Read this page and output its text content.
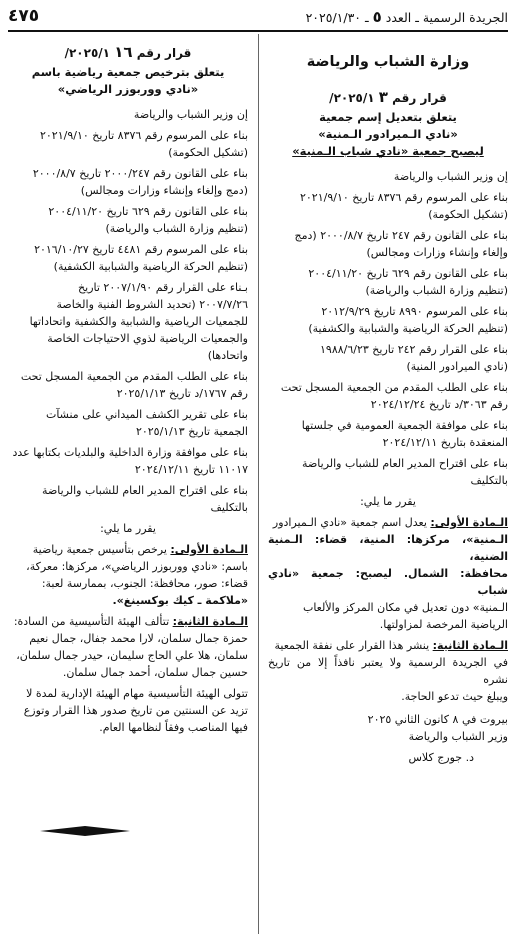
٤٧٥	الجريدة الرسمية ـ العدد ٥ ـ ٢٠٢٥/١/٣٠
وزارة الشباب والرياضة
قرار رقم ٣ ٢٠٢٥/١/
يتعلق بتعديل إسم جمعية
«نادي الـميرادور الـمنية»
ليصبح جمعية «نادي شباب الـمنية»

إن وزير الشباب والرياضة

بناء على المرسوم رقم ٨٣٧٦ تاريخ ٢٠٢١/٩/١٠
(تشكيل الحكومة)

بناء على القانون رقم ٢٤٧ تاريخ ٢٠٠٠/٨/٧ (دمج
وإلغاء وإنشاء وزارات ومجالس)

بناء على القانون رقم ٦٢٩ تاريخ ٢٠٠٤/١١/٢٠
(تنظيم وزارة الشباب والرياضة)

بناء على المرسوم ٨٩٩٠ تاريخ ٢٠١٢/٩/٢٩
(تنظيم الحركة الرياضية والشبابية والكشفية)

بناء على القرار رقم ٢٤٢ تاريخ ١٩٨٨/٦/٢٣
(نادي الميرادور المنية)

بناء على الطلب المقدم من الجمعية المسجل تحت
رقم ٣٠٦٣/د تاريخ ٢٠٢٤/١٢/٢٤

بناء على موافقة الجمعية العمومية في جلستها
المنعقدة بتاريخ ٢٠٢٤/١٢/١١

بناء على اقتراح المدير العام للشباب والرياضة
بالتكليف

يقرر ما يلي:

الـمادة الأولى: يعدل اسم جمعية «نادي الـميرادور
الـمنية»، مركزها: المنية، قضاء: الـمنية الضنية،
محافظة: الشمال. ليصبح: جمعية «نادي شباب
الـمنية» دون تعديل في مكان المركز والألعاب
الرياضية المرخصة لمزاولتها.

الـمادة الثانية: ينشر هذا القرار على نفقة الجمعية
في الجريدة الرسمية ولا يعتبر نافذاً إلا من تاريخ نشره
ويبلغ حيث تدعو الحاجة.

بيروت في ٨ كانون الثاني ٢٠٢٥

وزير الشباب والرياضة

د. جورج كلاس

قرار رقم ١٦ ٢٠٢٥/١/
يتعلق بترخيص جمعية رياضية باسم
«نادي ووربوزر الرياضي»

إن وزير الشباب والرياضة

بناء على المرسوم رقم ٨٣٧٦ تاريخ ٢٠٢١/٩/١٠
(تشكيل الحكومة)

بناء على القانون رقم ٢٠٠٠/٢٤٧ تاريخ ٢٠٠٠/٨/٧
(دمج وإلغاء وإنشاء وزارات ومجالس)

بناء على القانون رقم ٦٢٩ تاريخ ٢٠٠٤/١١/٢٠
(تنظيم وزارة الشباب والرياضة)

بناء على المرسوم رقم ٤٤٨١ تاريخ ٢٠١٦/١٠/٢٧
(تنظيم الحركة الرياضية والشبابية الكشفية)

بـناء على القرار رقم ٢٠٠٧/١/٩٠ تاريخ
٢٠٠٧/٧/٢٦ (تحديد الشروط الفنية والخاصة
للجمعيات الرياضية والشبابية والكشفية واتحاداتها
والجمعيات الرياضية لذوي الاحتياجات الخاصة
واتحادها)

بناء على الطلب المقدم من الجمعية المسجل تحت
رقم ١٧٦٧/د تاريخ ٢٠٢٥/١/١٣

بناء على تقرير الكشف الميداني على منشآت
الجمعية تاريخ ٢٠٢٥/١/١٣

بناء على موافقة وزارة الداخلية والبلديات بكتابها عدد
١١٠١٧ تاريخ ٢٠٢٤/١٢/١١

بناء على اقتراح المدير العام للشباب والرياضة
بالتكليف

يقرر ما يلي:

الـمادة الأولى: يرخص بتأسيس جمعية رياضية
باسم: «نادي ووربوزر الرياضي»، مركزها: معركة،
قضاء: صور، محافظة: الجنوب، بممارسة لعبة:
«ملاكمة ـ كيك بوكسينغ».

الـمادة الثانية: تتألف الهيئة التأسيسية من السادة:
حمزة جمال سلمان، لارا محمد جفال، جمال نعيم
سلمان، هلا علي الحاج سليمان، حيدر جمال سلمان،
حسين جمال سلمان، أحمد جمال سلمان.

تتولى الهيئة التأسيسية مهام الهيئة الإدارية لمدة لا
تزيد عن السنتين من تاريخ صدور هذا القرار وتوزع
فيها المناصب وفقاً لنظامها العام.
